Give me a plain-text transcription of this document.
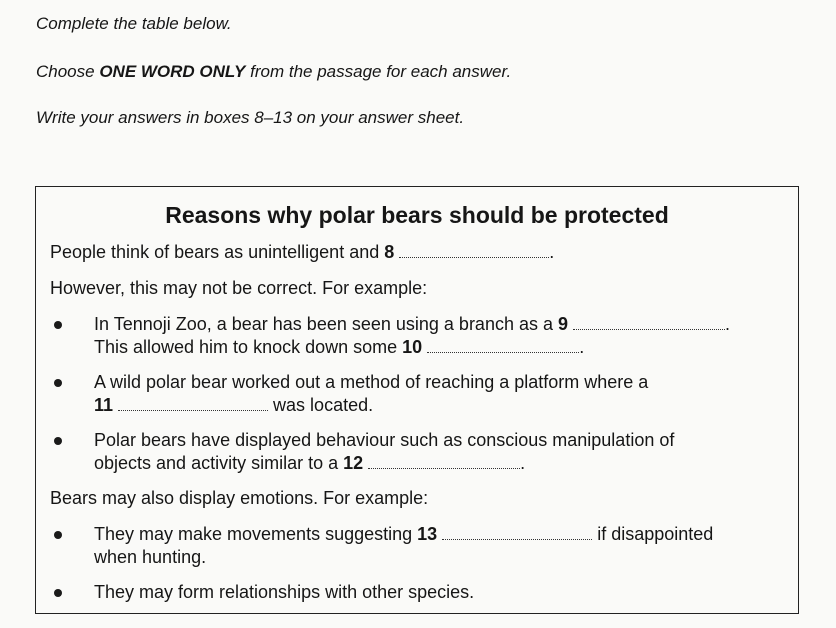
Complete the table below.
Choose ONE WORD ONLY from the passage for each answer.
Write your answers in boxes 8–13 on your answer sheet.
Reasons why polar bears should be protected
People think of bears as unintelligent and 8	.
However, this may not be correct. For example:
In Tennoji Zoo, a bear has been seen using a branch as a 9	.
This allowed him to knock down some 10	.
A wild polar bear worked out a method of reaching a platform where a
11	was located.
Polar bears have displayed behaviour such as conscious manipulation of
objects and activity similar to a 12	.
Bears may also display emotions. For example:
They may make movements suggesting 13	if disappointed
when hunting.
They may form relationships with other species.
